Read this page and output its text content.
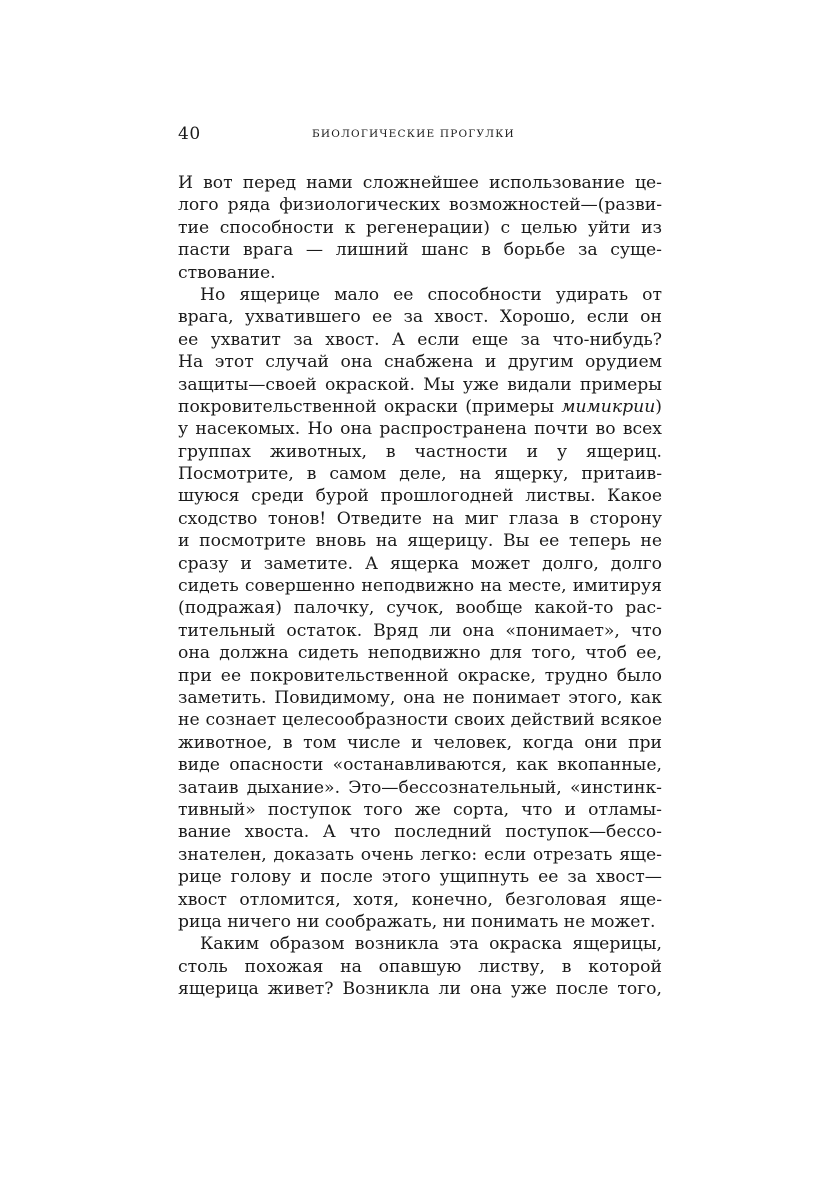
40	БИОЛОГИЧЕСКИЕ ПРОГУЛКИ
И вот перед нами сложнейшее использование це-
лого ряда физиологических возможностей—(разви-
тие способности к регенерации) с целью уйти из
пасти врага — лишний шанс в борьбе за суще-
ствование.
Но ящерице мало ее способности удирать от
врага, ухватившего ее за хвост. Хорошо, если он
ее ухватит за хвост. А если еще за что-нибудь?
На этот случай она снабжена и другим орудием
защиты—своей окраской. Мы уже видали примеры
покровительственной окраски (примеры мимикрии)
у насекомых. Но она распространена почти во всех
группах животных, в частности и у ящериц.
Посмотрите, в самом деле, на ящерку, притаив-
шуюся среди бурой прошлогодней листвы. Какое
сходство тонов! Отведите на миг глаза в сторону
и посмотрите вновь на ящерицу. Вы ее теперь не
сразу и заметите. А ящерка может долго, долго
сидеть совершенно неподвижно на месте, имитируя
(подражая) палочку, сучок, вообще какой-то рас-
тительный остаток. Вряд ли она «понимает», что
она должна сидеть неподвижно для того, чтоб ее,
при ее покровительственной окраске, трудно было
заметить. Повидимому, она не понимает этого, как
не сознает целесообразности своих действий всякое
животное, в том числе и человек, когда они при
виде опасности «останавливаются, как вкопанные,
затаив дыхание». Это—бессознательный, «инстинк-
тивный» поступок того же сорта, что и отламы-
вание хвоста. А что последний поступок—бессо-
знателен, доказать очень легко: если отрезать яще-
рице голову и после этого ущипнуть ее за хвост—
хвост отломится, хотя, конечно, безголовая яще-
рица ничего ни соображать, ни понимать не может.
Каким образом возникла эта окраска ящерицы,
столь похожая на опавшую листву, в которой
ящерица живет? Возникла ли она уже после того,
